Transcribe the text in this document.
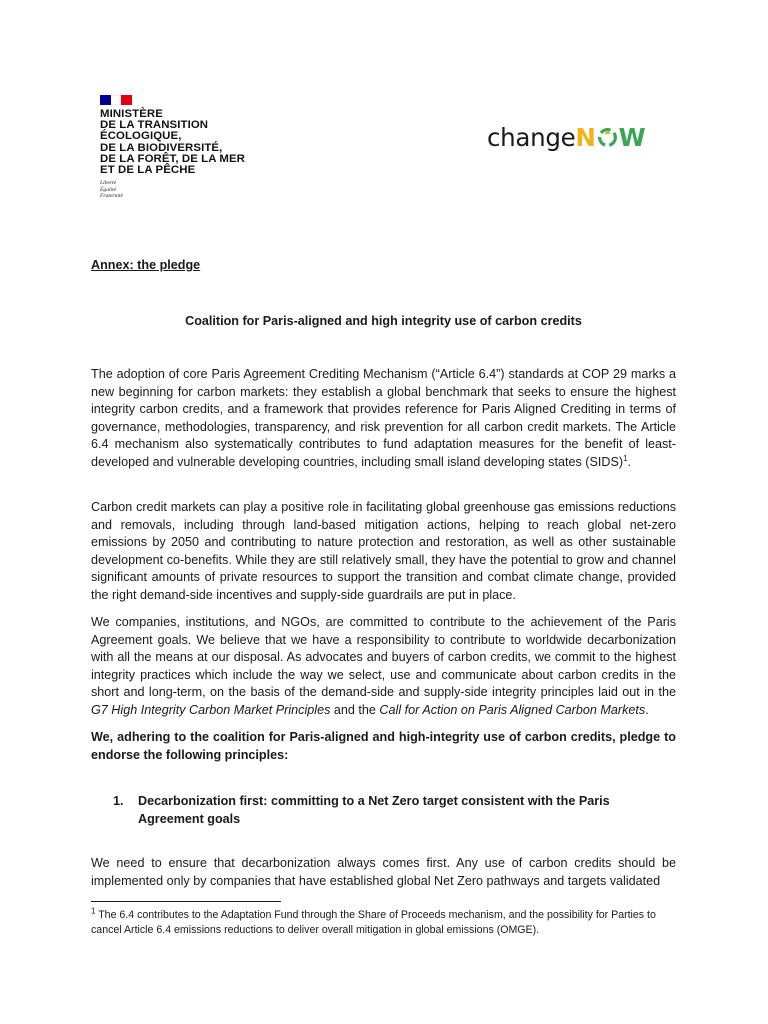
MINISTÈRE
DE LA TRANSITION
ÉCOLOGIQUE,
DE LA BIODIVERSITÉ,
DE LA FORÊT, DE LA MER
ET DE LA PÊCHE
Liberté
Égalité
Fraternité
change N W
Annex: the pledge
Coalition for Paris-aligned and high integrity use of carbon credits
The adoption of core Paris Agreement Crediting Mechanism (“Article 6.4”) standards at COP 29 marks a new beginning for carbon markets: they establish a global benchmark that seeks to ensure the highest integrity carbon credits, and a framework that provides reference for Paris Aligned Crediting in terms of governance, methodologies, transparency, and risk prevention for all carbon credit markets. The Article 6.4 mechanism also systematically contributes to fund adaptation measures for the benefit of least-developed and vulnerable developing countries, including small island developing states (SIDS)$^1$.
Carbon credit markets can play a positive role in facilitating global greenhouse gas emissions reductions and removals, including through land-based mitigation actions, helping to reach global net-zero emissions by 2050 and contributing to nature protection and restoration, as well as other sustainable development co-benefits. While they are still relatively small, they have the potential to grow and channel significant amounts of private resources to support the transition and combat climate change, provided the right demand-side incentives and supply-side guardrails are put in place.
We companies, institutions, and NGOs, are committed to contribute to the achievement of the Paris Agreement goals. We believe that we have a responsibility to contribute to worldwide decarbonization with all the means at our disposal. As advocates and buyers of carbon credits, we commit to the highest integrity practices which include the way we select, use and communicate about carbon credits in the short and long-term, on the basis of the demand-side and supply-side integrity principles laid out in the G7 High Integrity Carbon Market Principles and the Call for Action on Paris Aligned Carbon Markets.
We, adhering to the coalition for Paris-aligned and high-integrity use of carbon credits, pledge to endorse the following principles:
1. Decarbonization first: committing to a Net Zero target consistent with the Paris Agreement goals
We need to ensure that decarbonization always comes first. Any use of carbon credits should be implemented only by companies that have established global Net Zero pathways and targets validated
$^1$ The 6.4 contributes to the Adaptation Fund through the Share of Proceeds mechanism, and the possibility for Parties to cancel Article 6.4 emissions reductions to deliver overall mitigation in global emissions (OMGE).
